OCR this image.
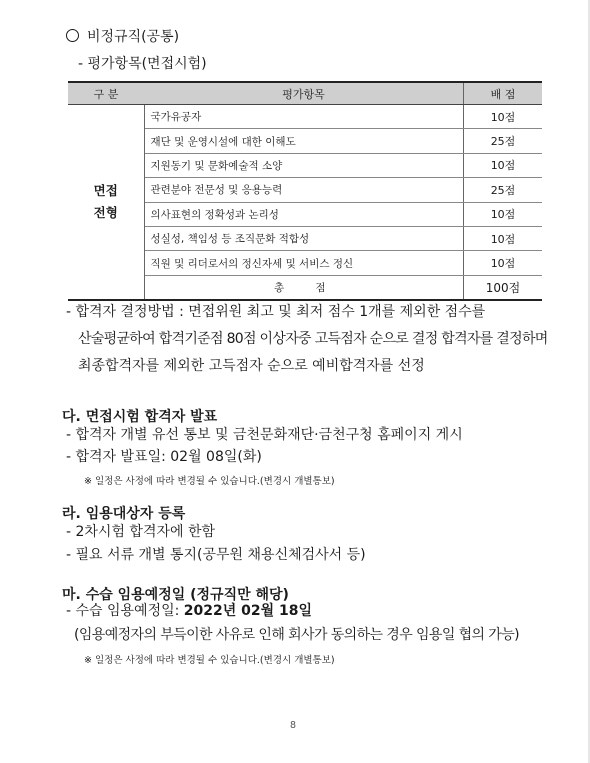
비정규직(공통)
- 평가항목(면접시험)
구 분	평가항목	배 점

면접
전형	국가유공자	10점
	재단 및 운영시설에 대한 이해도	25점
	지원동기 및 문화예술적 소양	10점
	관련분야 전문성 및 응용능력	25점
	의사표현의 정확성과 논리성	10점
	성실성, 책임성 등 조직문화 적합성	10점
	직원 및 리더로서의 정신자세 및 서비스 정신	10점
	총 점	100점
- 합격자 결정방법 : 면접위원 최고 및 최저 점수 1개를 제외한 점수를
산술평균하여 합격기준점 80점 이상자중 고득점자 순으로 결정 합격자를 결정하며
최종합격자를 제외한 고득점자 순으로 예비합격자를 선정
다. 면접시험 합격자 발표
- 합격자 개별 유선 통보 및 금천문화재단·금천구청 홈페이지 게시
- 합격자 발표일: 02월 08일(화)
※ 일정은 사정에 따라 변경될 수 있습니다.(변경시 개별통보)
라. 임용대상자 등록
- 2차시험 합격자에 한함
- 필요 서류 개별 통지(공무원 채용신체검사서 등)
마. 수습 임용예정일 (정규직만 해당)
- 수습 임용예정일: 2022년 02월 18일
(임용예정자의 부득이한 사유로 인해 회사가 동의하는 경우 임용일 협의 가능)
※ 일정은 사정에 따라 변경될 수 있습니다.(변경시 개별통보)
8
